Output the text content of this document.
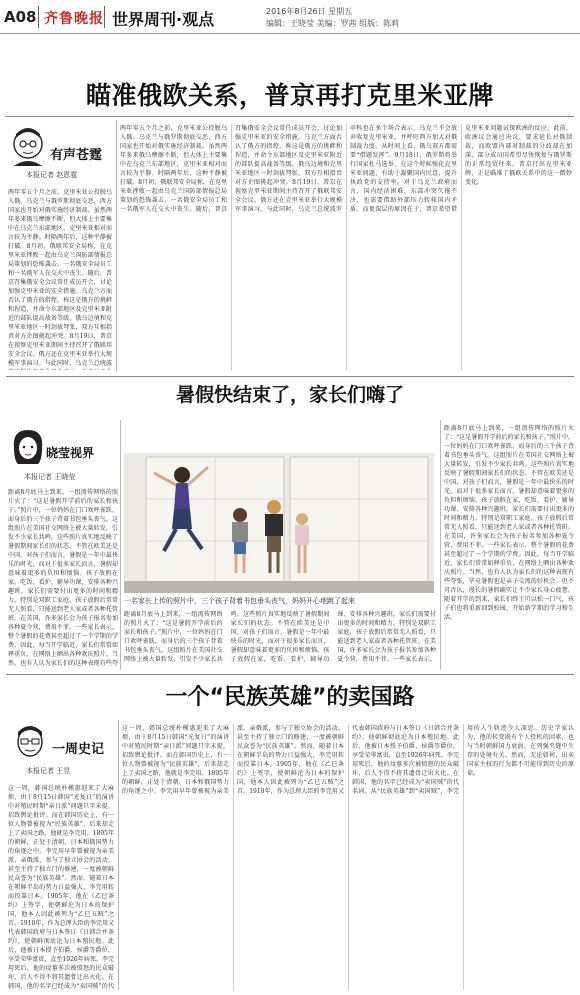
A08 齐鲁晚报 世界周刊·观点	2016年8月26日 星期五
编辑：王晓莹 美编：罗茜 组版：陈莉
瞄准俄欧关系，普京再打克里米亚牌
有声苍霆
本报记者 赵恩霆
两年零五个月之前，克里米亚公投脱乌入俄。乌克兰与俄罗斯彻底交恶，西方国家也开始对俄实施经济制裁。虽然两年多来俄乌摩擦不断，但大体上主要集中在乌克兰东部地区，克里米亚相对而言较为平静。时隔两年后，这种平静被打破。8月初，俄联邦安全局称，在克里米亚挫败一起由乌克兰国防部情报总局策划的恐怖袭击，一名俄安全局员工和一名俄军人在交火中丧生。随后，普京召集俄安全会议常任成员开会，讨论加强克里米亚的安全措施。乌克兰方面否认了俄方的指控，称这是俄方的挑衅和捏造，并命令东部地区及克里米亚附近的部队提高战备等级。俄乌边境和克里米亚地区一时剑拔弩张，双方互相指责对方企图挑起冲突。8月19日，普京在视察克里米亚期间主持召开了俄联邦安全会议。俄方还在克里米亚举行大规模军事演习。与此同时，乌克兰总统波
两年零五个月之前，克里米亚公投脱乌入俄。乌克兰与俄罗斯彻底交恶，西方国家也开始对俄实施经济制裁。虽然两年多来俄乌摩擦不断，但大体上主要集中在乌克兰东部地区，克里米亚相对而言较为平静。时隔两年后，这种平静被打破。8月初，俄联邦安全局称，在克里米亚挫败一起由乌克兰国防部情报总局策划的恐怖袭击，一名俄安全局员工和一名俄军人在交火中丧生。随后，普京召集俄安全会议常任成员开会，讨论加强克里米亚的安全措施。乌克兰方面否认了俄方的指控，称这是俄方的挑衅和捏造，并命令东部地区及克里米亚附近的部队提高战备等级。俄乌边境和克里米亚地区一时剑拔弩张，双方互相指责对方企图挑起冲突。8月19日，普京在视察克里米亚期间主持召开了俄联邦安全会议。俄方还在克里米亚举行大规模军事演习。与此同时，乌克兰总统波罗申科也在多个场合表示，乌克兰不会放弃收复克里米亚，并呼吁西方加大对俄制裁力度。从时间上看，俄乌双方都需要“借题发挥”。9月18日，俄罗斯将举行国家杜马选举，在这个时候强化克里米亚问题，有助于凝聚国内民意，提升执政党的支持率。对于乌克兰政府而言，国内经济困难，东部冲突久拖不决，也需要借助外部压力转移国内矛盾。而更深层的原因在于，普京希望借克里米亚问题试探欧洲的反应。此前，欧洲议会通过决议，要求延长对俄制裁，而欧盟内部对制裁的分歧却在加深，部分成员国希望尽快恢复与俄罗斯的正常经贸往来。普京打出克里米亚牌，正是瞄准了俄欧关系中的这一微妙变化。
暑假快结束了，家长们嗨了
晓莹视界
本报记者 王晓莹
距离8月底马上到来，一组流传网络的照片火了：“这是暑假开学前后的家长和孩子。”照片中，一位妈妈在门口欢呼雀跃，而身后的三个孩子背着书包垂头丧气。这组照片在美国社交网络上被大量转发，引发不少家长共鸣。这些照片真实地反映了暑假期间家长们的状态。不管在欧美还是中国，对孩子们而言，暑假是一年中最快乐的时光，而对于很多家长而言，暑假却意味着更多的负担和烦恼。孩子放假在家，吃饭、看护、辅导功课、安排各种兴趣班，家长们需要付出更多的时间和精力。特别是双职工家庭，孩子放假后常常无人照看，只能送到老人家或者各种托管班。在美国，许多家长会为孩子报名参加各种夏令营，费用不菲。一些家长表示，整个暑假的花费甚至超过了一个学期的学费。因此，每当开学临近，家长们常常如释重负，在网络上晒出各种欢庆照片。当然，也有人认为家长们的这种表现有些夸
一名家长上传的照片中，三个孩子背着书包垂头丧气，妈妈开心地跳了起来
距离8月底马上到来，一组流传网络的照片火了：“这是暑假开学前后的家长和孩子。”照片中，一位妈妈在门口欢呼雀跃，而身后的三个孩子背着书包垂头丧气。这组照片在美国社交网络上被大量转发，引发不少家长共鸣。这些照片真实地反映了暑假期间家长们的状态。不管在欧美还是中国，对孩子们而言，暑假是一年中最快乐的时光，而对于很多家长而言，暑假却意味着更多的负担和烦恼。孩子放假在家，吃饭、看护、辅导功课、安排各种兴趣班，家长们需要付出更多的时间和精力。特别是双职工家庭，孩子放假后常常无人照看，只能送到老人家或者各种托管班。在美国，许多家长会为孩子报名参加各种夏令营，费用不菲。一些家长表示，
距离8月底马上到来，一组流传网络的照片火了：“这是暑假开学前后的家长和孩子。”照片中，一位妈妈在门口欢呼雀跃，而身后的三个孩子背着书包垂头丧气。这组照片在美国社交网络上被大量转发，引发不少家长共鸣。这些照片真实地反映了暑假期间家长们的状态。不管在欧美还是中国，对孩子们而言，暑假是一年中最快乐的时光，而对于很多家长而言，暑假却意味着更多的负担和烦恼。孩子放假在家，吃饭、看护、辅导功课、安排各种兴趣班，家长们需要付出更多的时间和精力。特别是双职工家庭，孩子放假后常常无人照看，只能送到老人家或者各种托管班。在美国，许多家长会为孩子报名参加各种夏令营，费用不菲。一些家长表示，整个暑假的花费甚至超过了一个学期的学费。因此，每当开学临近，家长们常常如释重负，在网络上晒出各种欢庆照片。当然，也有人认为家长们的这种表现有些夸张，毕竟暑假也是亲子交流的好机会。但不可否认，漫长的暑假确实让不少家长身心疲惫。随着开学的到来，家长们终于可以松一口气，孩子们也将重新回到校园，开始新学期的学习和生活。
一个“民族英雄”的卖国路
一周史记
本报记者 王昱
这一周，韩国总统朴槿惠迎来了大麻烦，由于8月15日韩国“光复日”的演讲中对殖民时期“亲日派”问题只字未提，招致舆论批评。而在韩国历史上，有一位人物曾被视为“民族英雄”，后来却走上了卖国之路，他就是李完用。1895年的朝鲜，正处于清朝、日本和俄国势力的角逐之中。李完用早年曾被视为亲美派、亲俄派，参与了独立协会的活动，甚至主持了独立门的修建，一度被朝鲜民众誉为“民族英雄”。然而，随着日本在朝鲜半岛的势力日益强大，李完用转而投靠日本。1905年，他在《乙巳条约》上签字，使朝鲜沦为日本的保护国，他本人因此被列为“乙巳五贼”之首。1910年，作为总理大臣的李完用又代表韩国政府与日本签订《日韩合并条约》，使朝鲜彻底沦为日本殖民地。此后，他被日本授予伯爵、侯爵等爵位，享受荣华富贵，直至1926年病死。李完用死后，他的坟墓多次被愤怒的民众破坏，后人不得不将其遗骨迁出火化。在韩国，他的名字已经成为“卖国贼”的代
这一周，韩国总统朴槿惠迎来了大麻烦，由于8月15日韩国“光复日”的演讲中对殖民时期“亲日派”问题只字未提，招致舆论批评。而在韩国历史上，有一位人物曾被视为“民族英雄”，后来却走上了卖国之路，他就是李完用。1895年的朝鲜，正处于清朝、日本和俄国势力的角逐之中。李完用早年曾被视为亲美派、亲俄派，参与了独立协会的活动，甚至主持了独立门的修建，一度被朝鲜民众誉为“民族英雄”。然而，随着日本在朝鲜半岛的势力日益强大，李完用转而投靠日本。1905年，他在《乙巳条约》上签字，使朝鲜沦为日本的保护国，他本人因此被列为“乙巳五贼”之首。1910年，作为总理大臣的李完用又代表韩国政府与日本签订《日韩合并条约》，使朝鲜彻底沦为日本殖民地。此后，他被日本授予伯爵、侯爵等爵位，享受荣华富贵，直至1926年病死。李完用死后，他的坟墓多次被愤怒的民众破坏，后人不得不将其遗骨迁出火化。在韩国，他的名字已经成为“卖国贼”的代名词。从“民族英雄”到“卖国贼”，李完用的人生轨迹令人深思。历史学家认为，他的转变既有个人投机的因素，也与当时朝鲜国力衰弱、在列强夹缝中生存的处境有关。然而，无论如何，出卖国家主权的行为都不可能得到历史的原谅。
